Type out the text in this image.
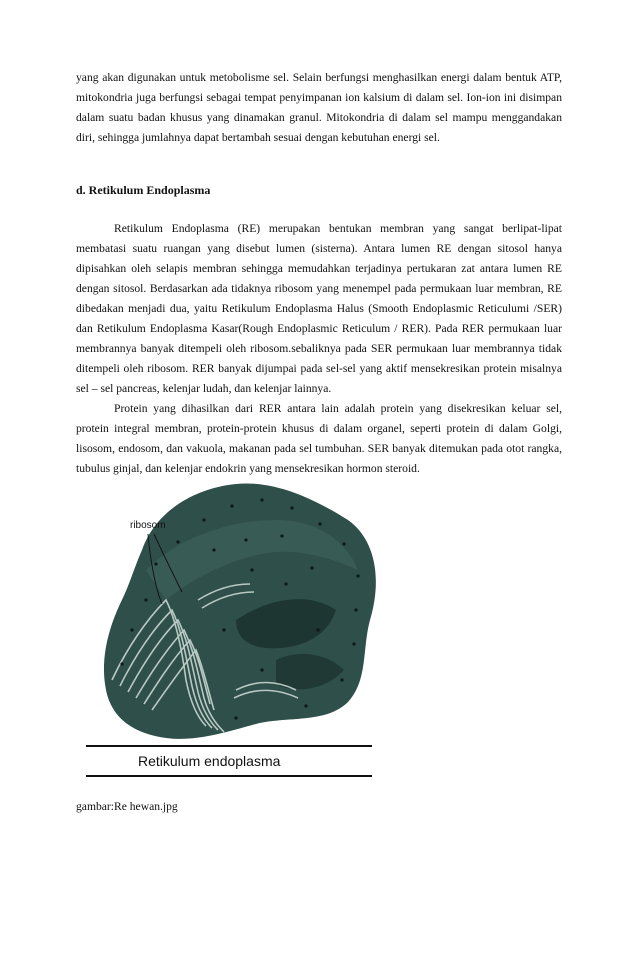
yang akan digunakan untuk metobolisme sel. Selain berfungsi menghasilkan energi dalam bentuk ATP, mitokondria juga berfungsi sebagai tempat penyimpanan ion kalsium di dalam sel. Ion-ion ini disimpan dalam suatu badan khusus yang dinamakan granul. Mitokondria di dalam sel mampu menggandakan diri, sehingga jumlahnya dapat bertambah sesuai dengan kebutuhan energi sel.

d. Retikulum Endoplasma

Retikulum Endoplasma (RE) merupakan bentukan membran yang sangat berlipat-lipat membatasi suatu ruangan yang disebut lumen (sisterna). Antara lumen RE dengan sitosol hanya dipisahkan oleh selapis membran sehingga memudahkan terjadinya pertukaran zat antara lumen RE dengan sitosol. Berdasarkan ada tidaknya ribosom yang menempel pada permukaan luar membran, RE dibedakan menjadi dua, yaitu Retikulum Endoplasma Halus (Smooth Endoplasmic Reticulumi /SER) dan Retikulum Endoplasma Kasar(Rough Endoplasmic Reticulum / RER). Pada RER permukaan luar membrannya banyak ditempeli oleh ribosom.sebaliknya pada SER permukaan luar membrannya tidak ditempeli oleh ribosom. RER banyak dijumpai pada sel-sel yang aktif mensekresikan protein misalnya sel – sel pancreas, kelenjar ludah, dan kelenjar lainnya.

Protein yang dihasilkan dari RER antara lain adalah protein yang disekresikan keluar sel, protein integral membran, protein-protein khusus di dalam organel, seperti protein di dalam Golgi, lisosom, endosom, dan vakuola, makanan pada sel tumbuhan. SER banyak ditemukan pada otot rangka, tubulus ginjal, dan kelenjar endokrin yang mensekresikan hormon steroid.

ribosom
Retikulum endoplasma

gambar:Re hewan.jpg
